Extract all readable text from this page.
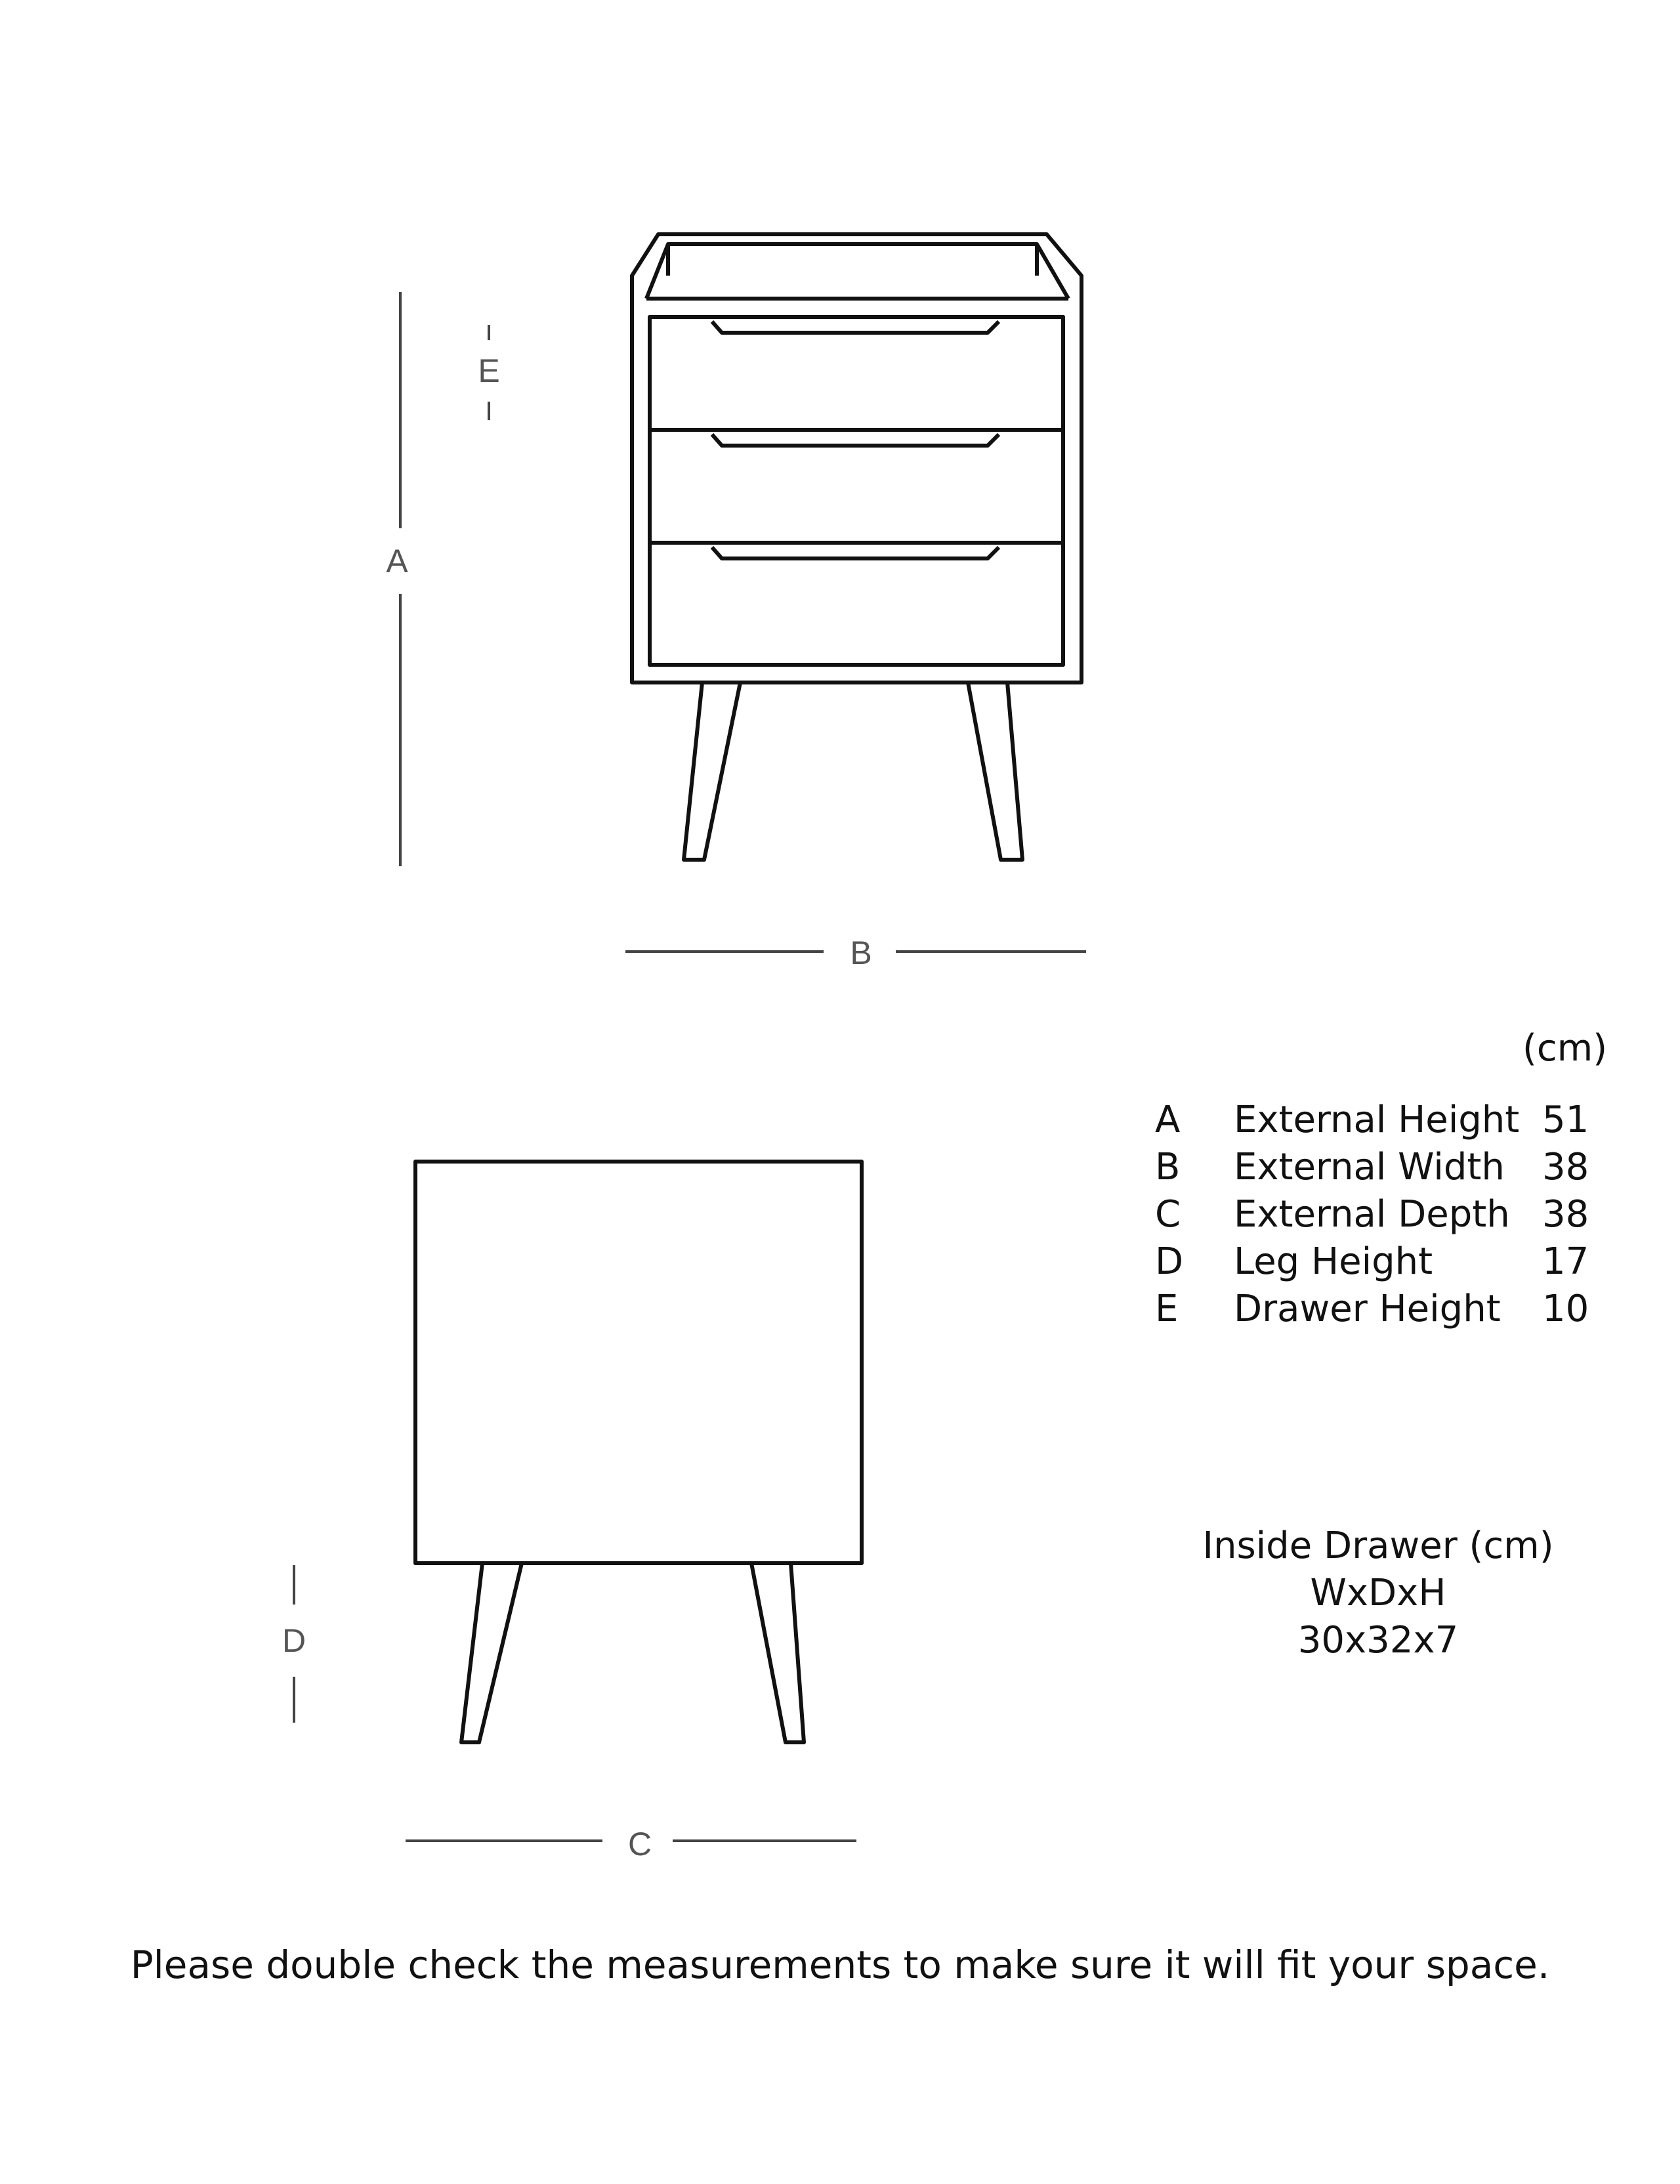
A
E
B
D
C
(cm)
A	External Height 51
B	External Width	38
C	External Depth 38
D	Leg Height	17
E	Drawer Height	10
Inside Drawer (cm)
WxDxH
30x32x7
Please double check the measurements to make sure it will fit your space.
